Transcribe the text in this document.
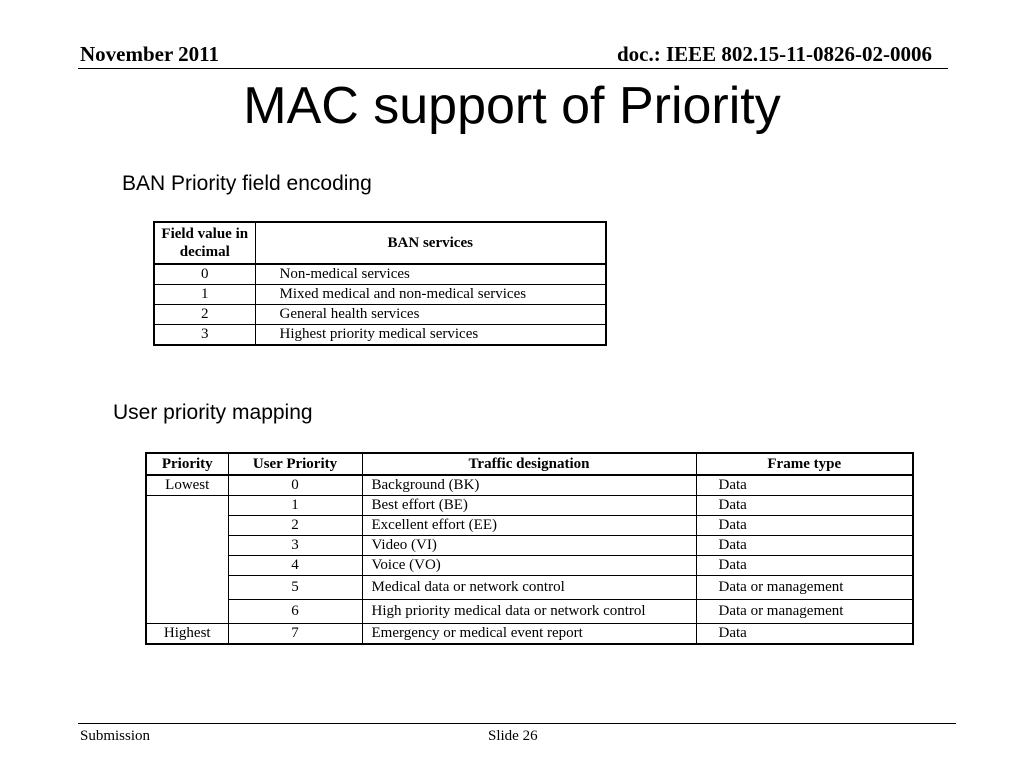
November 2011	doc.: IEEE 802.15-11-0826-02-0006
MAC support of Priority
BAN Priority field encoding
Field value in decimal	BAN services
0	Non-medical services
1	Mixed medical and non-medical services
2	General health services
3	Highest priority medical services
User priority mapping
Priority	User Priority	Traffic designation	Frame type
Lowest	0	Background (BK)	Data
	1	Best effort (BE)	Data
	2	Excellent effort (EE)	Data
	3	Video (VI)	Data
	4	Voice (VO)	Data
	5	Medical data or network control	Data or management
	6	High priority medical data or network control	Data or management
Highest	7	Emergency or medical event report	Data
Submission	Slide 26
